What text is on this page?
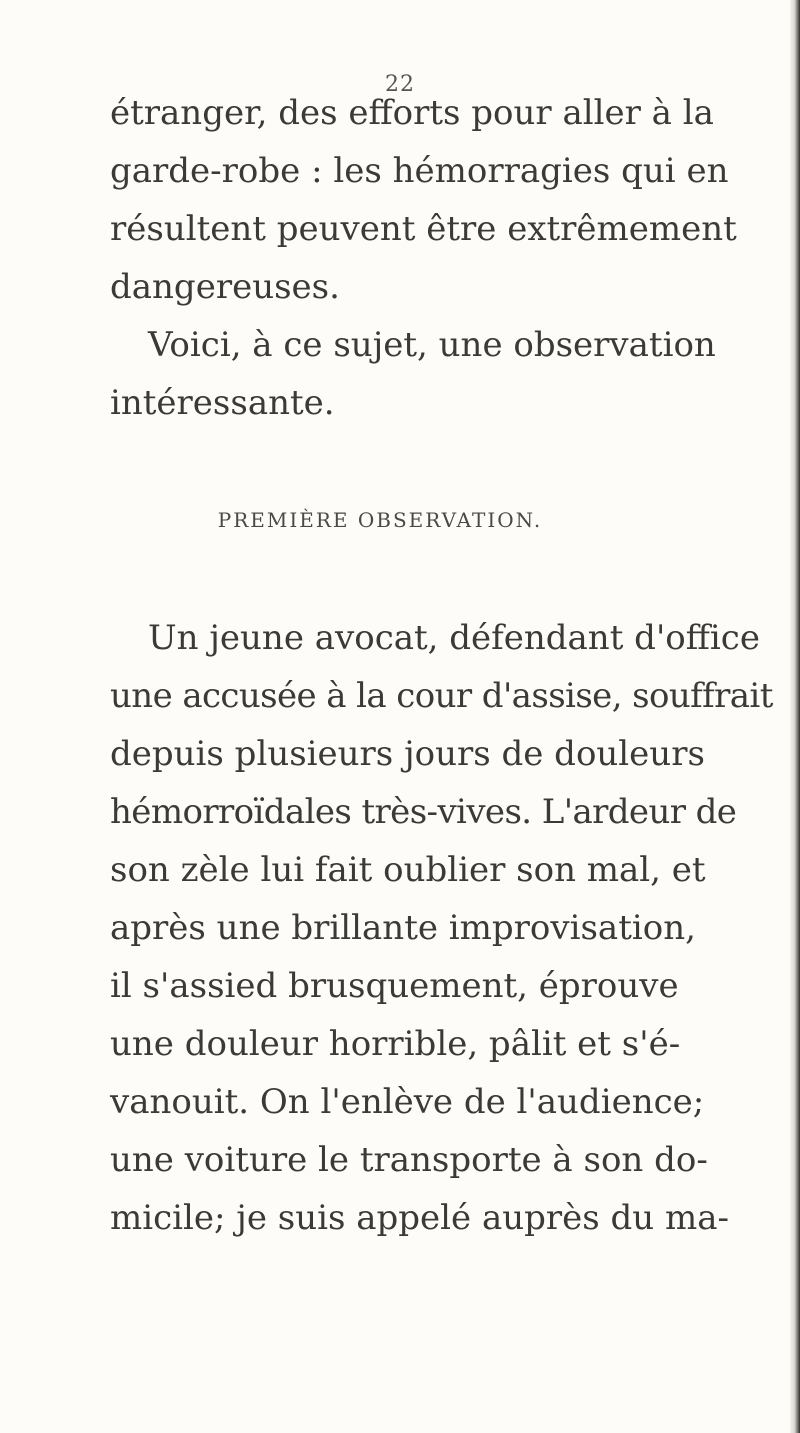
22
étranger, des efforts pour aller à la
garde-robe : les hémorragies qui en
résultent peuvent être extrêmement
dangereuses.
Voici, à ce sujet, une observation
intéressante.
PREMIÈRE OBSERVATION.
Un jeune avocat, défendant d'office
une accusée à la cour d'assise, souffrait
depuis plusieurs jours de douleurs
hémorroïdales très-vives. L'ardeur de
son zèle lui fait oublier son mal, et
après une brillante improvisation,
il s'assied brusquement, éprouve
une douleur horrible, pâlit et s'é-
vanouit. On l'enlève de l'audience;
une voiture le transporte à son do-
micile; je suis appelé auprès du ma-
